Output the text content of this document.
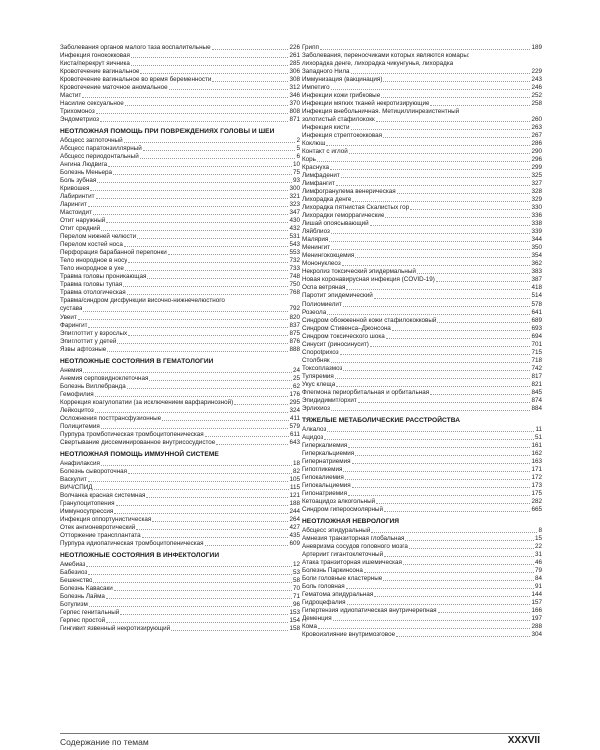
Заболевания органов малого таза воспалительные	226
Инфекция гонококковая	261
Киста/перекрут яичника	285
Кровотечение вагинальное	306
Кровотечение вагинальное во время беременности	308
Кровотечение маточное аномальное	312
Мастит	346
Насилие сексуальное	370
Трихомоноз	808
Эндометриоз	871
НЕОТЛОЖНАЯ ПОМОЩЬ ПРИ ПОВРЕЖДЕНИЯХ ГОЛОВЫ И ШЕИ
Абсцесс заглоточный	2
Абсцесс паратонзиллярный	5
Абсцесс периодонтальный	6
Ангина Людвига	10
Болезнь Меньера	75
Боль зубная	93
Кривошея	300
Лабиринтит	321
Ларингит	323
Мастоидит	347
Отит наружный	430
Отит средний	432
Перелом нижней челюсти	531
Перелом костей носа	543
Перфорация барабанной перепонки	553
Тело инородное в носу	732
Тело инородное в ухе	733
Травма головы проникающая	748
Травма головы тупая	750
Травма отологическая	768
Травма/синдром дисфункции височно-нижнечелюстного
сустава	792
Увеит	820
Фарингит	837
Эпиглоттит у взрослых	875
Эпиглоттит у детей	876
Язвы афтозные	888
НЕОТЛОЖНЫЕ СОСТОЯНИЯ В ГЕМАТОЛОГИИ
Анемия	24
Анемия серповидноклеточная	25
Болезнь Виллебранда	62
Гемофилия	176
Коррекция коагулопатии (за исключением варфаринозной)	295
Лейкоцитоз	324
Осложнения посттрансфузионные	411
Полицитемия	579
Пурпура тромботическая тромбоцитопеническая	611
Свертывание диссеминированное внутрисосудистое	643
НЕОТЛОЖНАЯ ПОМОЩЬ ИММУННОЙ СИСТЕМЕ
Анафилаксия	18
Болезнь сывороточная	82
Васкулит	105
ВИЧ/СПИД	115
Волчанка красная системная	121
Гранулоцитопения	188
Иммуносупрессия	244
Инфекция оппортунистическая	264
Отек ангионевротический	427
Отторжение трансплантата	435
Пурпура идиопатическая тромбоцитопеническая	609
НЕОТЛОЖНЫЕ СОСТОЯНИЯ В ИНФЕКТОЛОГИИ
Амебиаз	12
Бабезиоз	53
Бешенство	58
Болезнь Кавасаки	70
Болезнь Лайма	71
Ботулизм	96
Герпес генитальный	153
Герпес простой	154
Гингивит язвенный некротизирующий	158
Грипп	189
Заболевания, переносчиками которых являются комары:
лихорадка денге, лихорадка чикунгунья, лихорадка
Западного Нила	229
Иммунизация (вакцинация)	243
Импетиго	246
Инфекции кожи грибковые	252
Инфекции мягких тканей некротизирующие	258
Инфекция внебольничная. Метициллинрезистентный
золотистый стафилококк	260
Инфекция кисти	263
Инфекция стрептококковая	267
Коклюш	286
Контакт с иглой	290
Корь	296
Краснуха	299
Лимфаденит	325
Лимфангит	327
Лимфогранулема венерическая	328
Лихорадка денге	329
Лихорадка пятнистая Скалистых гор	330
Лихорадки геморрагические	336
Лишай опоясывающий	338
Ляйблиоз	339
Малярия	344
Менингит	350
Менингококцемия	354
Мононуклеоз	362
Некролиз токсический эпидермальный	383
Новая коронавирусная инфекция (COVID-19)	387
Оспа ветряная	418
Паротит эпидемический	514
Полиомиелит	578
Розеола	641
Синдром обожженной кожи стафилококковый	689
Синдром Стивенса–Джонсона	693
Синдром токсического шока	694
Синусит (риносинусит)	701
Спороtрихоз	715
Столбняк	718
Токсоплазмоз	742
Туляремия	817
Укус клеща	821
Флегмона периорбитальная и орбитальная	845
Эпидидимит/орхит	874
Эрлихиоз	884
ТЯЖЕЛЫЕ МЕТАБОЛИЧЕСКИЕ РАССТРОЙСТВА
Алкалоз	11
Ацидоз	51
Гиперкалиемия	161
Гиперкальциемия	162
Гипернатриемия	163
Гипогликемия	171
Гипокалиемия	172
Гипокальциемия	173
Гипонатриемия	175
Кетоацидоз алкогольный	282
Синдром гиперосмолярный	665
НЕОТЛОЖНАЯ НЕВРОЛОГИЯ
Абсцесс эпидуральный	8
Амнезия транзиторная глобальная	15
Аневризма сосудов головного мозга	22
Артериит гигантоклеточный	31
Атака транзиторная ишемическая	46
Болезнь Паркинсона	79
Боли головные кластерные	84
Боль головная	91
Гематома эпидуральная	144
Гидроцефалия	157
Гипертензия идиопатическая внутричерепная	166
Деменция	197
Кома	288
Кровоизлияние внутримозговое	304
Содержание по темам	XXXVII
